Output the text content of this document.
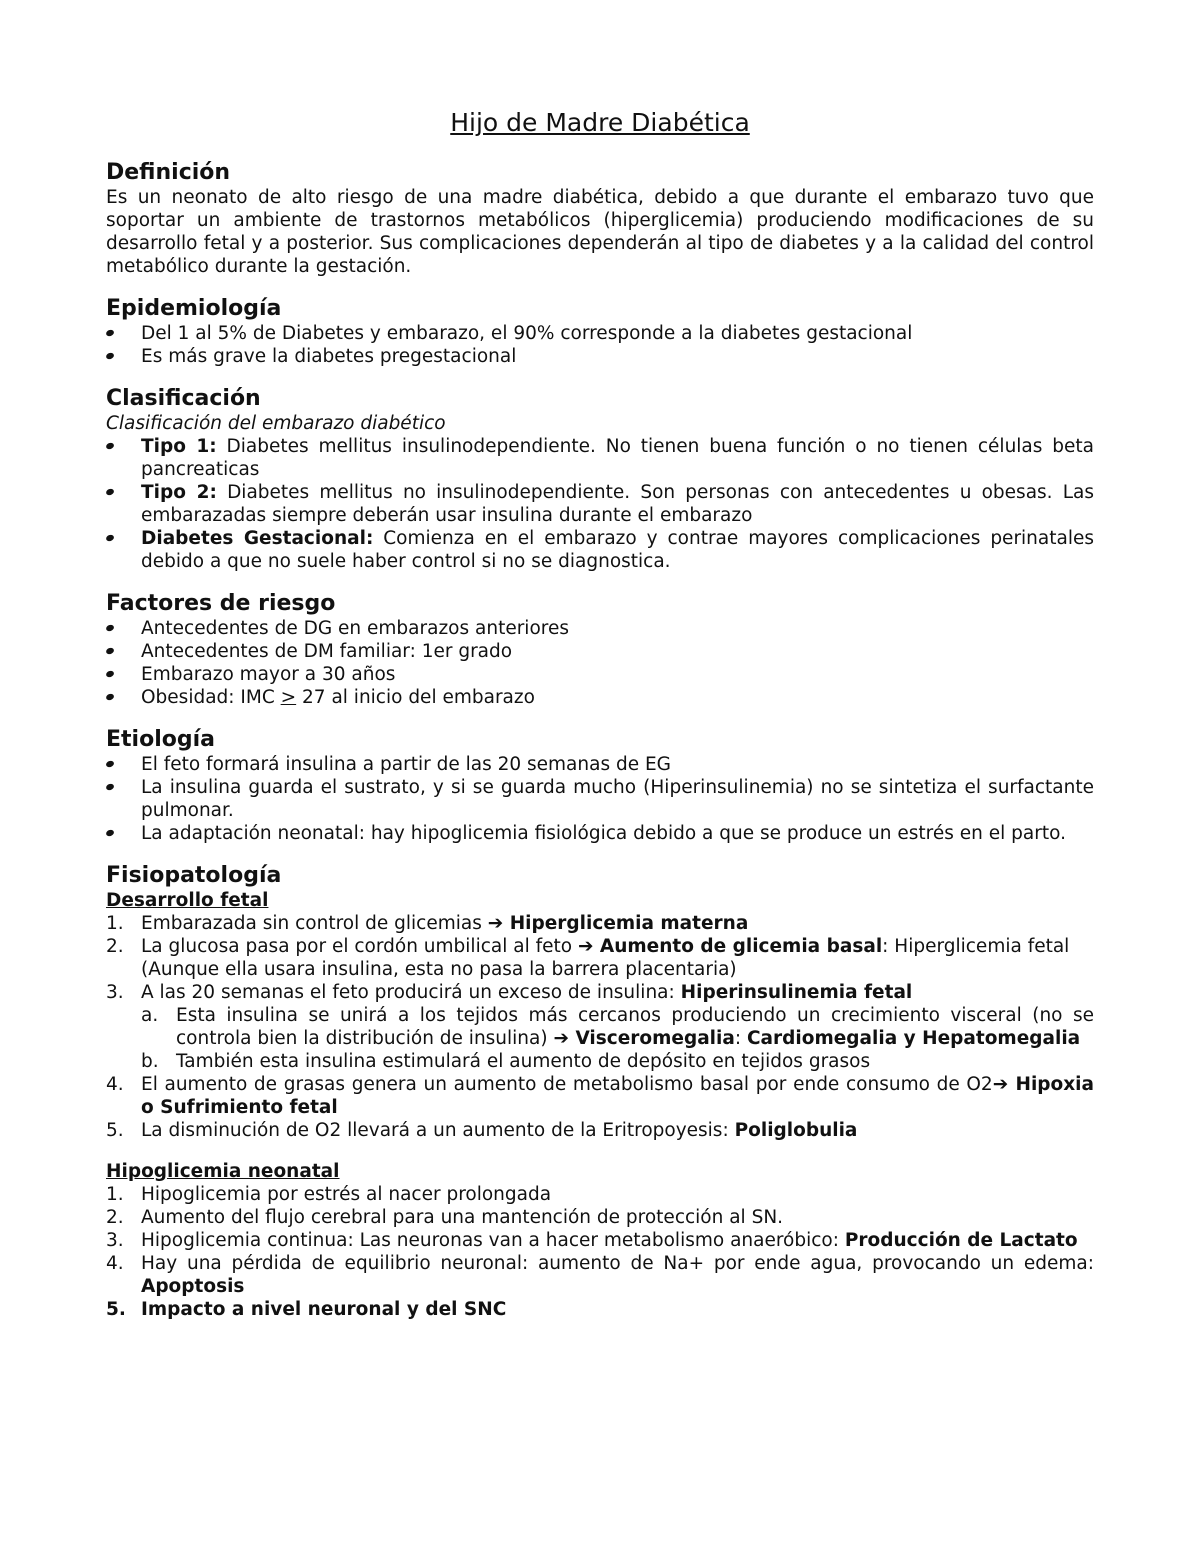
Hijo de Madre Diabética
Definición

Es un neonato de alto riesgo de una madre diabética, debido a que durante el embarazo tuvo que soportar un ambiente de trastornos metabólicos (hiperglicemia) produciendo modificaciones de su desarrollo fetal y a posterior. Sus complicaciones dependerán al tipo de diabetes y a la calidad del control metabólico durante la gestación.

Epidemiología
Del 1 al 5% de Diabetes y embarazo, el 90% corresponde a la diabetes gestacional
Es más grave la diabetes pregestacional
Clasificación
Clasificación del embarazo diabético
Tipo 1: Diabetes mellitus insulinodependiente. No tienen buena función o no tienen células beta pancreaticas
Tipo 2: Diabetes mellitus no insulinodependiente. Son personas con antecedentes u obesas. Las embarazadas siempre deberán usar insulina durante el embarazo
Diabetes Gestacional: Comienza en el embarazo y contrae mayores complicaciones perinatales debido a que no suele haber control si no se diagnostica.
Factores de riesgo
Antecedentes de DG en embarazos anteriores
Antecedentes de DM familiar: 1er grado
Embarazo mayor a 30 años
Obesidad: IMC ≥ 27 al inicio del embarazo
Etiología
El feto formará insulina a partir de las 20 semanas de EG
La insulina guarda el sustrato, y si se guarda mucho (Hiperinsulinemia) no se sintetiza el surfactante pulmonar.
La adaptación neonatal: hay hipoglicemia fisiológica debido a que se produce un estrés en el parto.
Fisiopatología
Desarrollo fetal
1. Embarazada sin control de glicemias ➔ Hiperglicemia materna
2. La glucosa pasa por el cordón umbilical al feto ➔ Aumento de glicemia basal: Hiperglicemia fetal
(Aunque ella usara insulina, esta no pasa la barrera placentaria)
3. A las 20 semanas el feto producirá un exceso de insulina: Hiperinsulinemia fetal
a. Esta insulina se unirá a los tejidos más cercanos produciendo un crecimiento visceral (no se controla bien la distribución de insulina) ➔ Visceromegalia: Cardiomegalia y Hepatomegalia
b. También esta insulina estimulará el aumento de depósito en tejidos grasos
4. El aumento de grasas genera un aumento de metabolismo basal por ende consumo de O2➔ Hipoxia o Sufrimiento fetal
5. La disminución de O2 llevará a un aumento de la Eritropoyesis: Poliglobulia
Hipoglicemia neonatal
1. Hipoglicemia por estrés al nacer prolongada
2. Aumento del flujo cerebral para una mantención de protección al SN.
3. Hipoglicemia continua: Las neuronas van a hacer metabolismo anaeróbico: Producción de Lactato
4. Hay una pérdida de equilibrio neuronal: aumento de Na+ por ende agua, provocando un edema: Apoptosis
5. Impacto a nivel neuronal y del SNC
